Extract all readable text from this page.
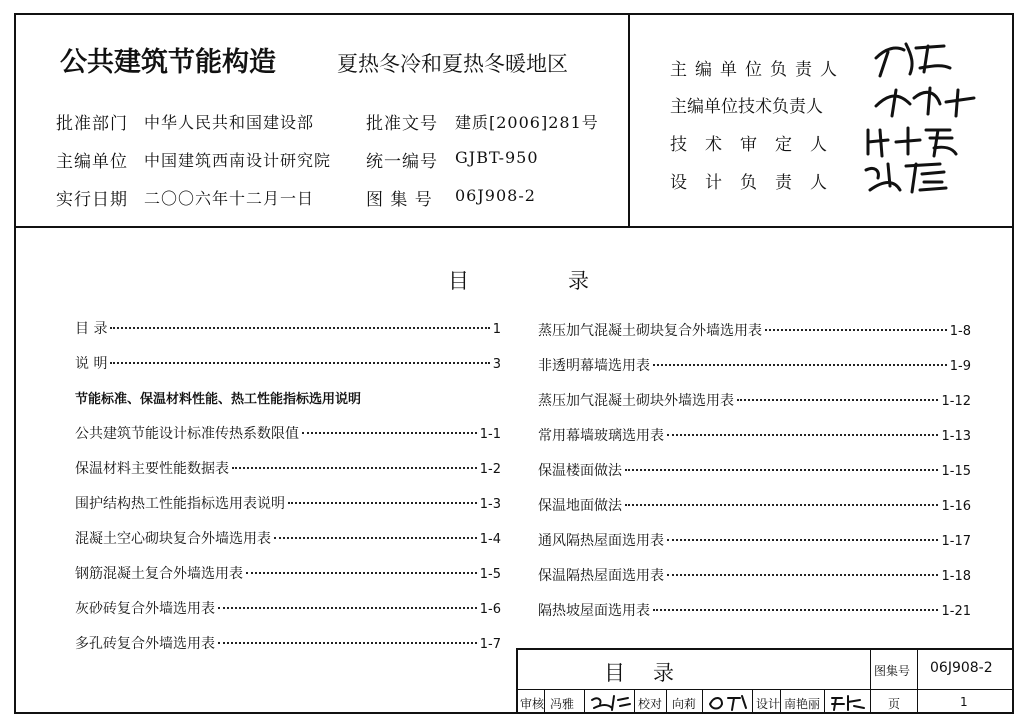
公共建筑节能构造	夏热冬冷和夏热冬暖地区
批准部门 中华人民共和国建设部	批准文号 建质[2006]281号
主编单位 中国建筑西南设计研究院 统一编号 GJBT-950
实行日期 二〇〇六年十二月一日	图 集 号 06J908-2
主编单位负责人
主编单位技术负责人
技术审定人
设计负责人
目	录
目 录	1
说 明	3
节能标准、保温材料性能、热工性能指标选用说明
公共建筑节能设计标准传热系数限值	1-1
保温材料主要性能数据表	1-2
围护结构热工性能指标选用表说明	1-3
混凝土空心砌块复合外墙选用表	1-4
钢筋混凝土复合外墙选用表	1-5
灰砂砖复合外墙选用表	1-6
多孔砖复合外墙选用表	1-7
蒸压加气混凝土砌块复合外墙选用表	1-8
非透明幕墙选用表	1-9
蒸压加气混凝土砌块外墙选用表	1-12
常用幕墙玻璃选用表	1-13
保温楼面做法	1-15
保温地面做法	1-16
通风隔热屋面选用表	1-17
保温隔热屋面选用表	1-18
隔热坡屋面选用表	1-21
目录	图集号 06J908-2
审核 冯雅	校对 向莉	设计 南艳丽	页	1
